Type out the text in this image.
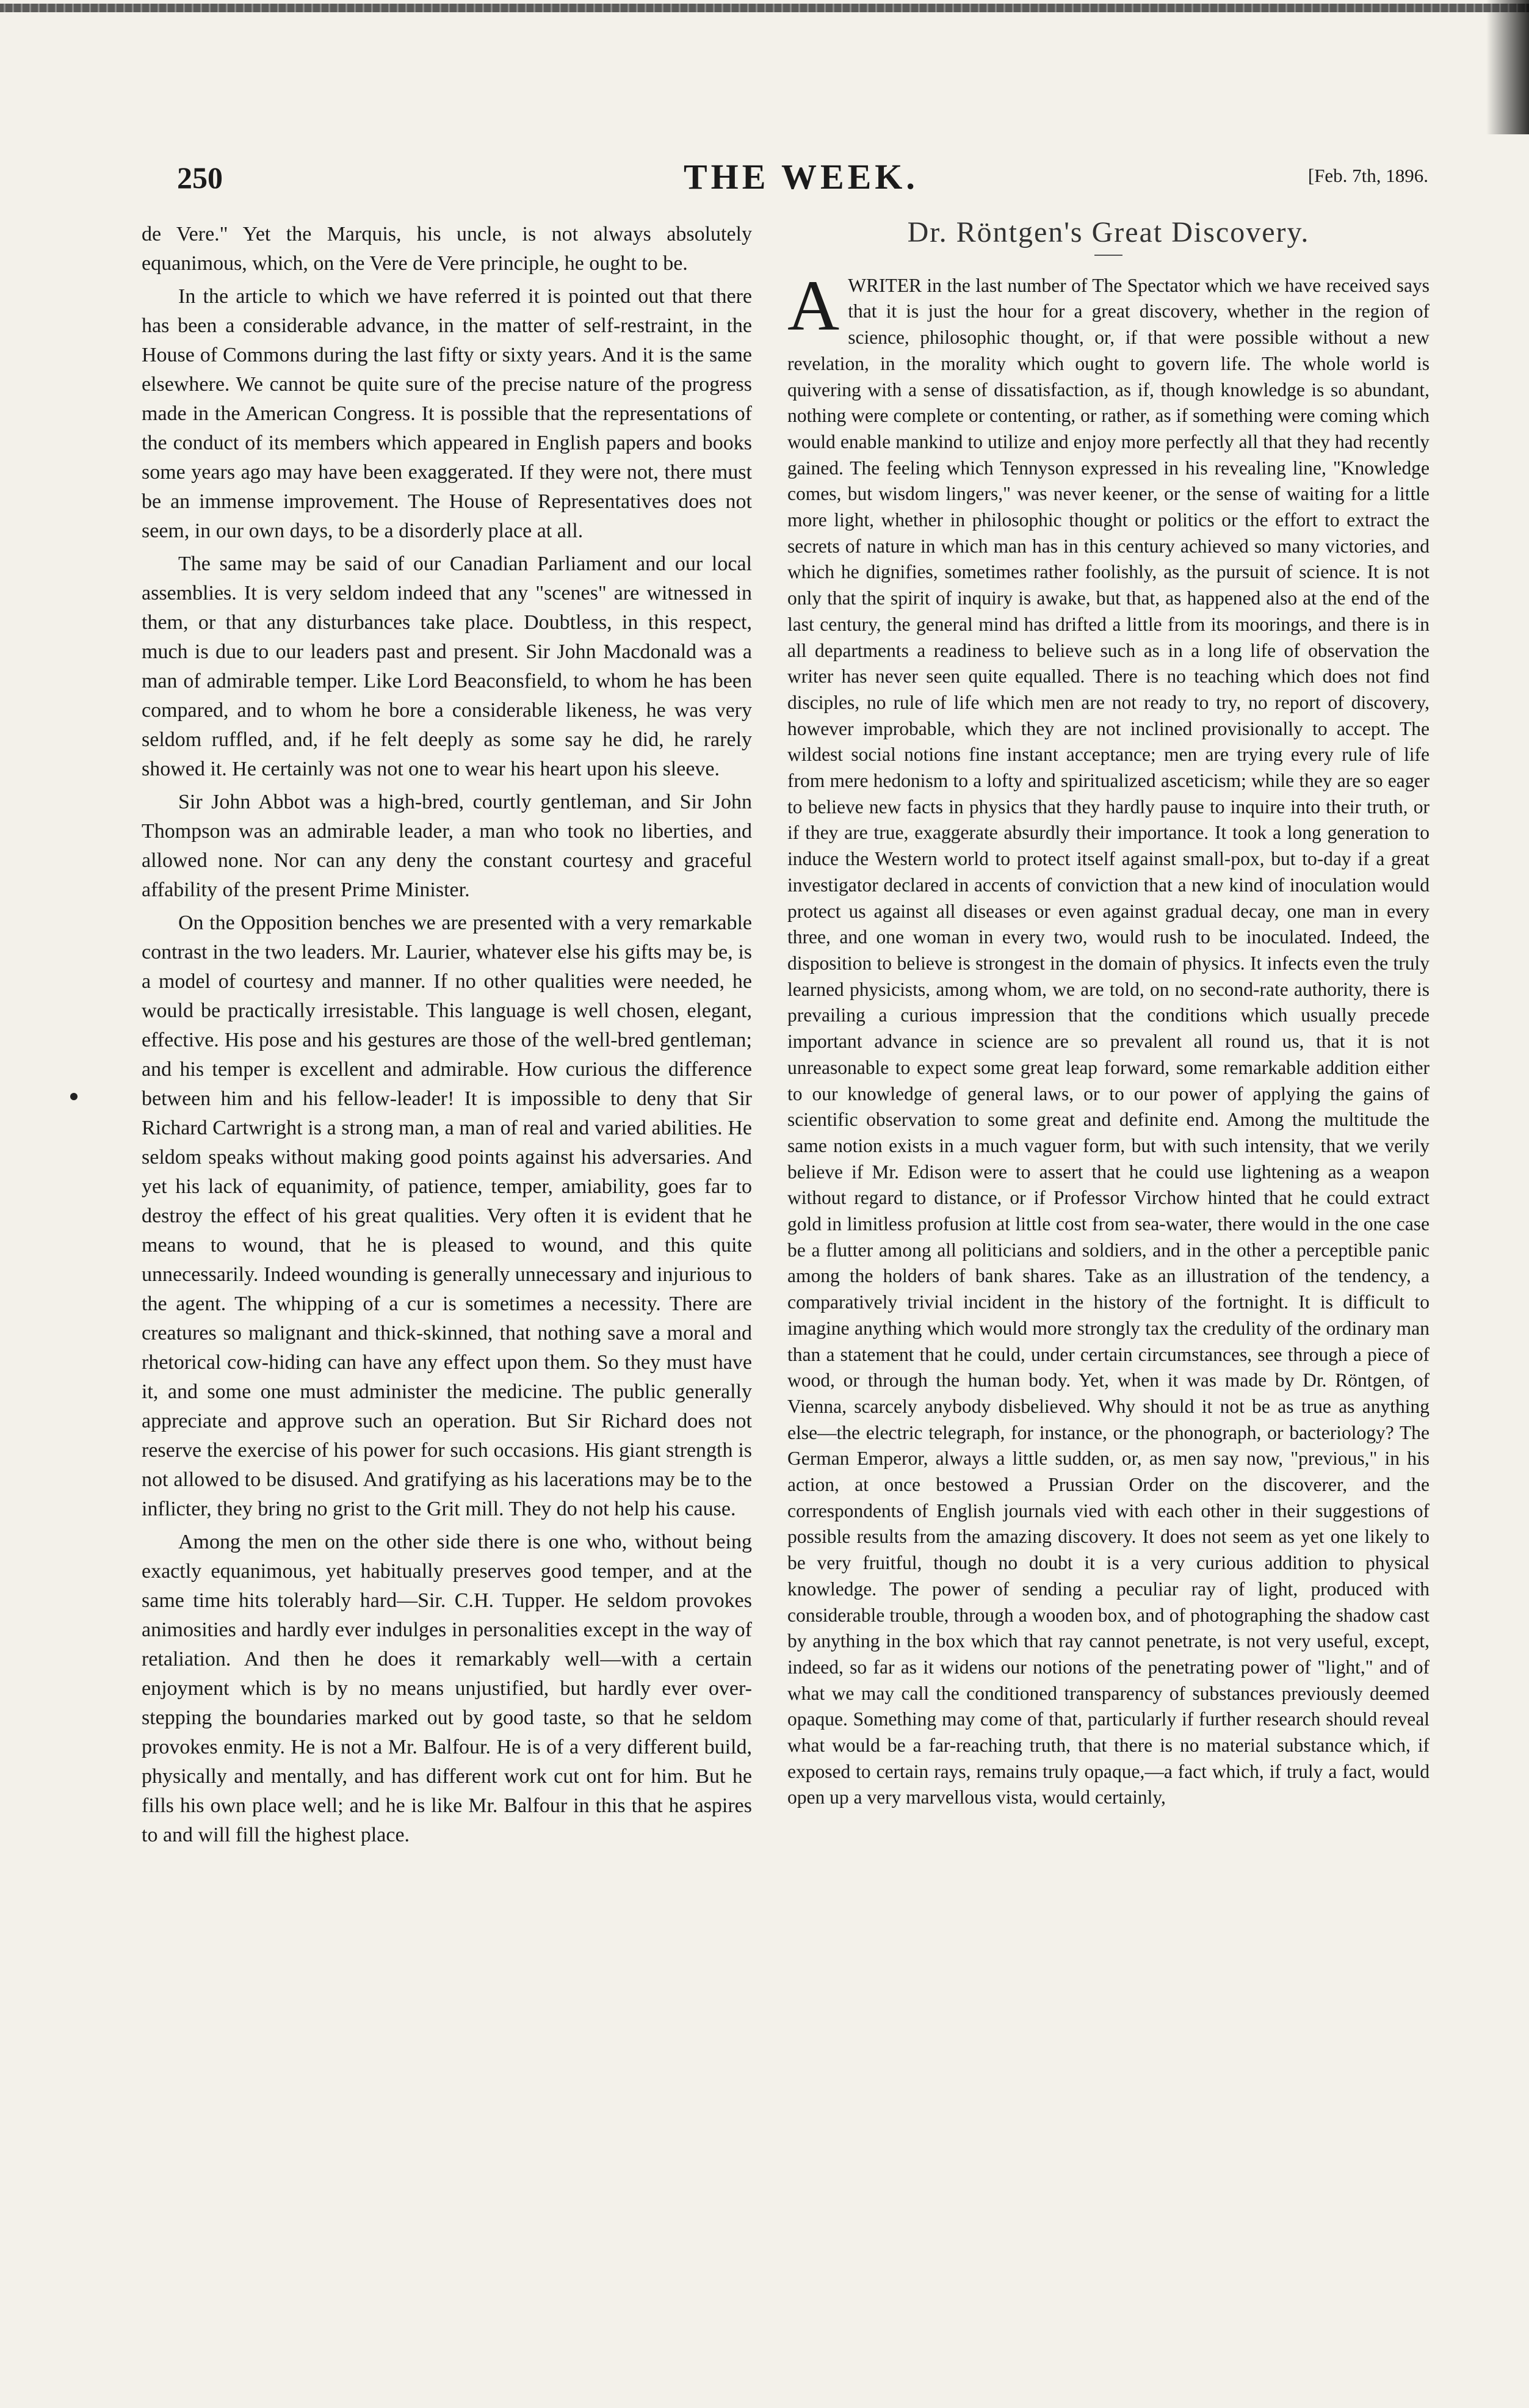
250	THE WEEK.	[Feb. 7th, 1896.

de Vere." Yet the Marquis, his uncle, is not always absolutely equanimous, which, on the Vere de Vere principle, he ought to be.

In the article to which we have referred it is pointed out that there has been a considerable advance, in the matter of self-restraint, in the House of Commons during the last fifty or sixty years. And it is the same elsewhere. We cannot be quite sure of the precise nature of the progress made in the American Congress. It is possible that the representations of the conduct of its members which appeared in English papers and books some years ago may have been exaggerated. If they were not, there must be an immense improvement. The House of Representatives does not seem, in our own days, to be a disorderly place at all.

The same may be said of our Canadian Parliament and our local assemblies. It is very seldom indeed that any "scenes" are witnessed in them, or that any disturbances take place. Doubtless, in this respect, much is due to our leaders past and present. Sir John Macdonald was a man of admirable temper. Like Lord Beaconsfield, to whom he has been compared, and to whom he bore a considerable likeness, he was very seldom ruffled, and, if he felt deeply as some say he did, he rarely showed it. He certainly was not one to wear his heart upon his sleeve.

Sir John Abbot was a high-bred, courtly gentleman, and Sir John Thompson was an admirable leader, a man who took no liberties, and allowed none. Nor can any deny the constant courtesy and graceful affability of the present Prime Minister.

On the Opposition benches we are presented with a very remarkable contrast in the two leaders. Mr. Laurier, whatever else his gifts may be, is a model of courtesy and manner. If no other qualities were needed, he would be practically irresistable. This language is well chosen, elegant, effective. His pose and his gestures are those of the well-bred gentleman; and his temper is excellent and admirable. How curious the difference between him and his fellow-leader! It is impossible to deny that Sir Richard Cartwright is a strong man, a man of real and varied abilities. He seldom speaks without making good points against his adversaries. And yet his lack of equanimity, of patience, temper, amiability, goes far to destroy the effect of his great qualities. Very often it is evident that he means to wound, that he is pleased to wound, and this quite unnecessarily. Indeed wounding is generally unnecessary and injurious to the agent. The whipping of a cur is sometimes a necessity. There are creatures so malignant and thick-skinned, that nothing save a moral and rhetorical cow-hiding can have any effect upon them. So they must have it, and some one must administer the medicine. The public generally appreciate and approve such an operation. But Sir Richard does not reserve the exercise of his power for such occasions. His giant strength is not allowed to be disused. And gratifying as his lacerations may be to the inflicter, they bring no grist to the Grit mill. They do not help his cause.

Among the men on the other side there is one who, without being exactly equanimous, yet habitually preserves good temper, and at the same time hits tolerably hard—Sir. C.H. Tupper. He seldom provokes animosities and hardly ever indulges in personalities except in the way of retaliation. And then he does it remarkably well—with a certain enjoyment which is by no means unjustified, but hardly ever over-stepping the boundaries marked out by good taste, so that he seldom provokes enmity. He is not a Mr. Balfour. He is of a very different build, physically and mentally, and has different work cut ont for him. But he fills his own place well; and he is like Mr. Balfour in this that he aspires to and will fill the highest place.

Dr. Röntgen's Great Discovery.

AWRITER in the last number of The Spectator which we have received says that it is just the hour for a great discovery, whether in the region of science, philosophic thought, or, if that were possible without a new revelation, in the morality which ought to govern life. The whole world is quivering with a sense of dissatisfaction, as if, though knowledge is so abundant, nothing were complete or contenting, or rather, as if something were coming which would enable mankind to utilize and enjoy more perfectly all that they had recently gained. The feeling which Tennyson expressed in his revealing line, "Knowledge comes, but wisdom lingers," was never keener, or the sense of waiting for a little more light, whether in philosophic thought or politics or the effort to extract the secrets of nature in which man has in this century achieved so many victories, and which he dignifies, sometimes rather foolishly, as the pursuit of science. It is not only that the spirit of inquiry is awake, but that, as happened also at the end of the last century, the general mind has drifted a little from its moorings, and there is in all departments a readiness to believe such as in a long life of observation the writer has never seen quite equalled. There is no teaching which does not find disciples, no rule of life which men are not ready to try, no report of discovery, however improbable, which they are not inclined provisionally to accept. The wildest social notions fine instant acceptance; men are trying every rule of life from mere hedonism to a lofty and spiritualized asceticism; while they are so eager to believe new facts in physics that they hardly pause to inquire into their truth, or if they are true, exaggerate absurdly their importance. It took a long generation to induce the Western world to protect itself against small-pox, but to-day if a great investigator declared in accents of conviction that a new kind of inoculation would protect us against all diseases or even against gradual decay, one man in every three, and one woman in every two, would rush to be inoculated. Indeed, the disposition to believe is strongest in the domain of physics. It infects even the truly learned physicists, among whom, we are told, on no second-rate authority, there is prevailing a curious impression that the conditions which usually precede important advance in science are so prevalent all round us, that it is not unreasonable to expect some great leap forward, some remarkable addition either to our knowledge of general laws, or to our power of applying the gains of scientific observation to some great and definite end. Among the multitude the same notion exists in a much vaguer form, but with such intensity, that we verily believe if Mr. Edison were to assert that he could use lightening as a weapon without regard to distance, or if Professor Virchow hinted that he could extract gold in limitless profusion at little cost from sea-water, there would in the one case be a flutter among all politicians and soldiers, and in the other a perceptible panic among the holders of bank shares. Take as an illustration of the tendency, a comparatively trivial incident in the history of the fortnight. It is difficult to imagine anything which would more strongly tax the credulity of the ordinary man than a statement that he could, under certain circumstances, see through a piece of wood, or through the human body. Yet, when it was made by Dr. Röntgen, of Vienna, scarcely anybody disbelieved. Why should it not be as true as anything else—the electric telegraph, for instance, or the phonograph, or bacteriology? The German Emperor, always a little sudden, or, as men say now, "previous," in his action, at once bestowed a Prussian Order on the discoverer, and the correspondents of English journals vied with each other in their suggestions of possible results from the amazing discovery. It does not seem as yet one likely to be very fruitful, though no doubt it is a very curious addition to physical knowledge. The power of sending a peculiar ray of light, produced with considerable trouble, through a wooden box, and of photographing the shadow cast by anything in the box which that ray cannot penetrate, is not very useful, except, indeed, so far as it widens our notions of the penetrating power of "light," and of what we may call the conditioned transparency of substances previously deemed opaque. Something may come of that, particularly if further research should reveal what would be a far-reaching truth, that there is no material substance which, if exposed to certain rays, remains truly opaque,—a fact which, if truly a fact, would open up a very marvellous vista, would certainly,
